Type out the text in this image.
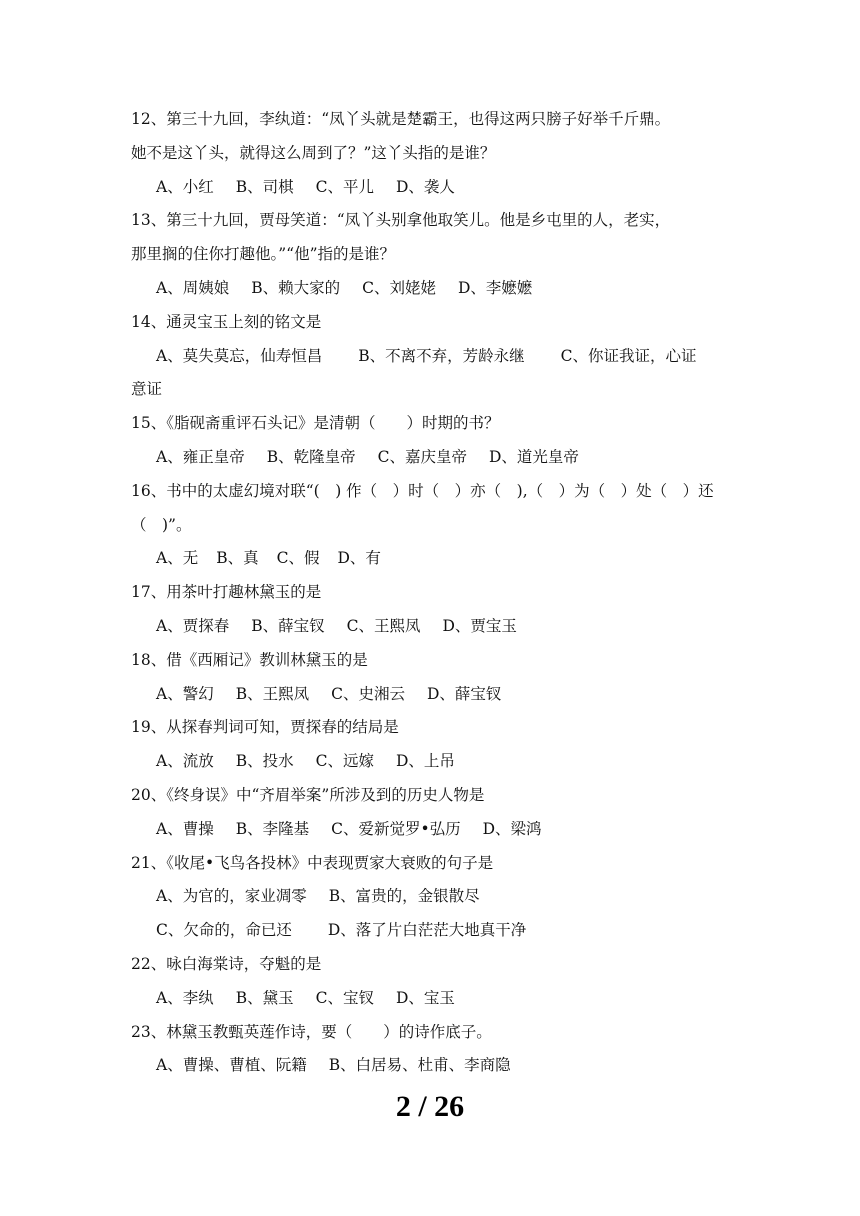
12、第三十九回，李纨道：“凤丫头就是楚霸王，也得这两只膀子好举千斤鼎。
她不是这丫头，就得这么周到了？”这丫头指的是谁？
A、小红 B、司棋 C、平儿 D、袭人
13、第三十九回，贾母笑道：“凤丫头别拿他取笑儿。他是乡屯里的人，老实，
那里搁的住你打趣他。”“他”指的是谁？
A、周姨娘 B、赖大家的 C、刘姥姥 D、李嬷嬷
14、通灵宝玉上刻的铭文是
A、莫失莫忘，仙寿恒昌 B、不离不弃，芳龄永继 C、你证我证，心证
意证
15、《脂砚斋重评石头记》是清朝（　　）时期的书？
A、雍正皇帝 B、乾隆皇帝 C、嘉庆皇帝 D、道光皇帝
16、书中的太虚幻境对联“(　) 作（　）时（　）亦（　),（　）为（　）处（　）还
（　)”。
A、无 B、真 C、假 D、有
17、用茶叶打趣林黛玉的是
A、贾探春 B、薛宝钗 C、王熙凤 D、贾宝玉
18、借《西厢记》教训林黛玉的是
A、警幻 B、王熙凤 C、史湘云 D、薛宝钗
19、从探春判词可知，贾探春的结局是
A、流放 B、投水 C、远嫁 D、上吊
20、《终身误》中“齐眉举案”所涉及到的历史人物是
A、曹操 B、李隆基 C、爱新觉罗•弘历 D、梁鸿
21、《收尾•飞鸟各投林》中表现贾家大衰败的句子是
A、为官的，家业凋零 B、富贵的，金银散尽
C、欠命的，命已还 D、落了片白茫茫大地真干净
22、咏白海棠诗，夺魁的是
A、李纨 B、黛玉 C、宝钗 D、宝玉
23、林黛玉教甄英莲作诗，要（　　）的诗作底子。
A、曹操、曹植、阮籍 B、白居易、杜甫、李商隐
2 / 26
